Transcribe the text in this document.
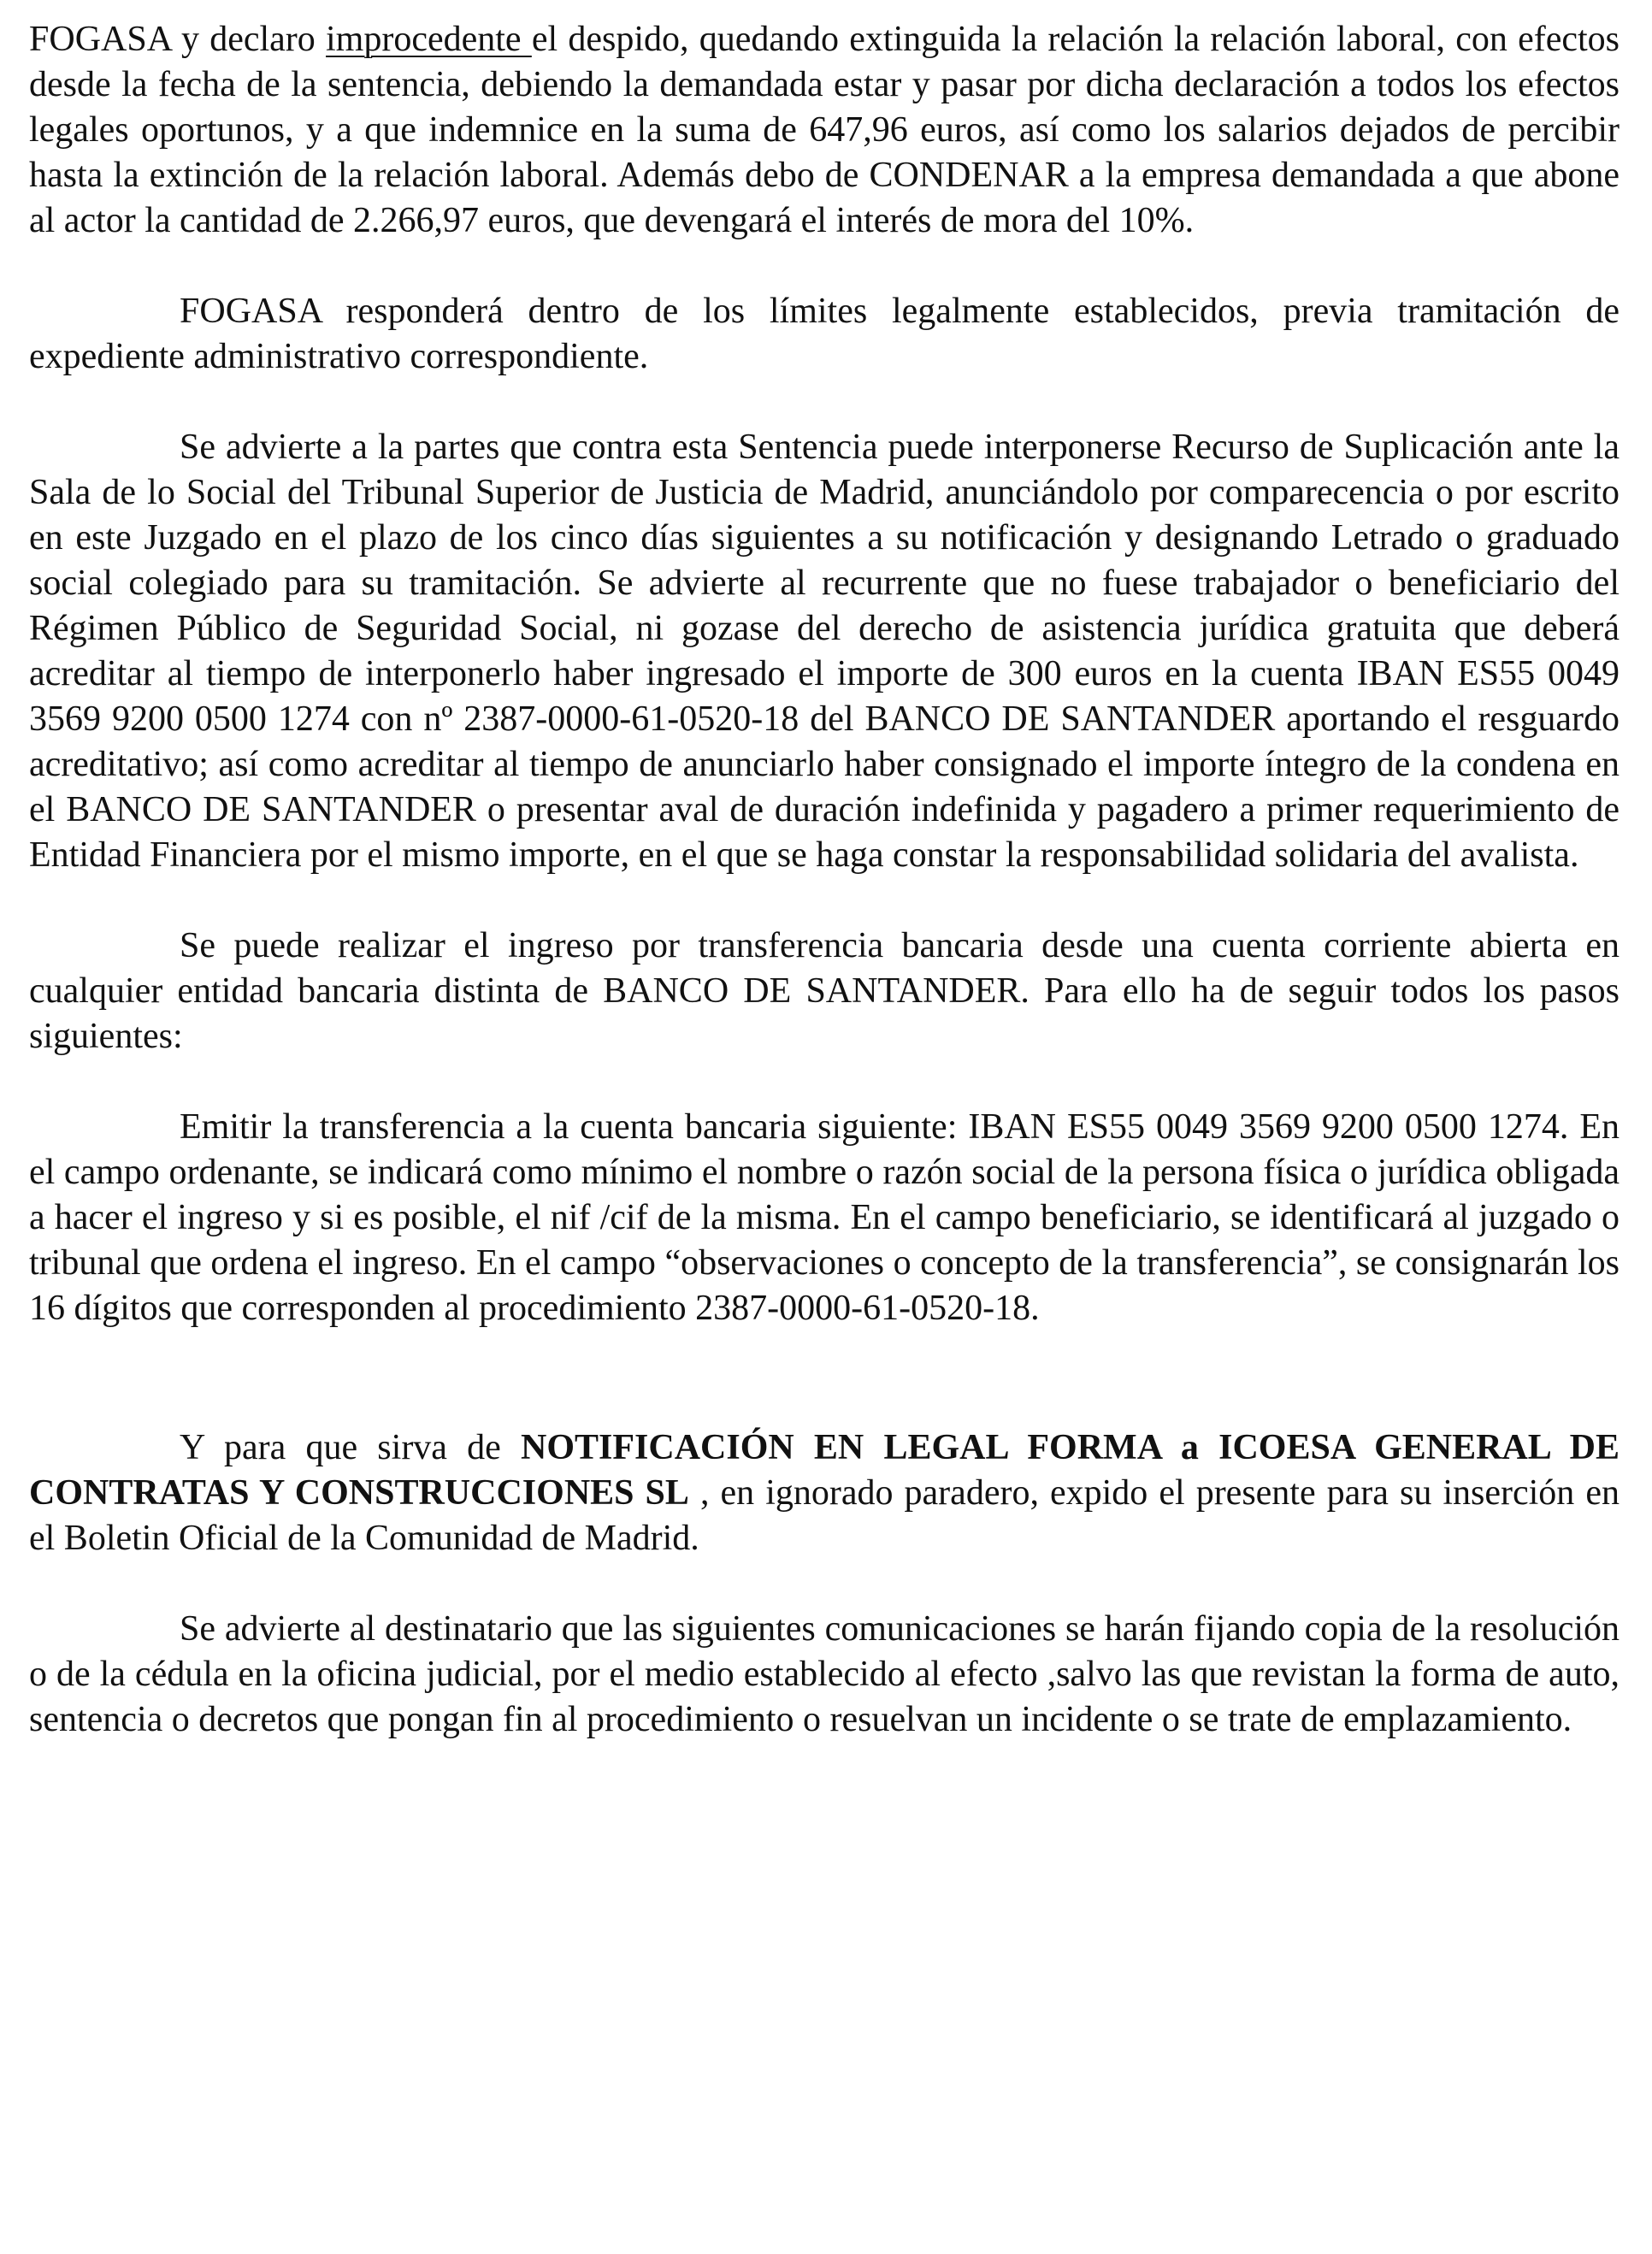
FOGASA y declaro improcedente el despido, quedando extinguida la relación la relación laboral, con efectos desde la fecha de la sentencia, debiendo la demandada estar y pasar por dicha declaración a todos los efectos legales oportunos, y a que indemnice en la suma de 647,96 euros, así como los salarios dejados de percibir hasta la extinción de la relación laboral. Además debo de CONDENAR a la empresa demandada a que abone al actor la cantidad de 2.266,97 euros, que devengará el interés de mora del 10%.

FOGASA responderá dentro de los límites legalmente establecidos, previa tramitación de expediente administrativo correspondiente.

Se advierte a la partes que contra esta Sentencia puede interponerse Recurso de Suplicación ante la Sala de lo Social del Tribunal Superior de Justicia de Madrid, anunciándolo por comparecencia o por escrito en este Juzgado en el plazo de los cinco días siguientes a su notificación y designando Letrado o graduado social colegiado para su tramitación. Se advierte al recurrente que no fuese trabajador o beneficiario del Régimen Público de Seguridad Social, ni gozase del derecho de asistencia jurídica gratuita que deberá acreditar al tiempo de interponerlo haber ingresado el importe de 300 euros en la cuenta IBAN ES55 0049 3569 9200 0500 1274 con nº 2387-0000-61-0520-18 del BANCO DE SANTANDER aportando el resguardo acreditativo; así como acreditar al tiempo de anunciarlo haber consignado el importe íntegro de la condena en el BANCO DE SANTANDER o presentar aval de duración indefinida y pagadero a primer requerimiento de Entidad Financiera por el mismo importe, en el que se haga constar la responsabilidad solidaria del avalista.

Se puede realizar el ingreso por transferencia bancaria desde una cuenta corriente abierta en cualquier entidad bancaria distinta de BANCO DE SANTANDER. Para ello ha de seguir todos los pasos siguientes:

Emitir la transferencia a la cuenta bancaria siguiente: IBAN ES55 0049 3569 9200 0500 1274. En el campo ordenante, se indicará como mínimo el nombre o razón social de la persona física o jurídica obligada a hacer el ingreso y si es posible, el nif /cif de la misma. En el campo beneficiario, se identificará al juzgado o tribunal que ordena el ingreso. En el campo “observaciones o concepto de la transferencia”, se consignarán los 16 dígitos que corresponden al procedimiento 2387-0000-61-0520-18.

Y para que sirva de NOTIFICACIÓN EN LEGAL FORMA a ICOESA GENERAL DE CONTRATAS Y CONSTRUCCIONES SL , en ignorado paradero, expido el presente para su inserción en el Boletin Oficial de la Comunidad de Madrid.

Se advierte al destinatario que las siguientes comunicaciones se harán fijando copia de la resolución o de la cédula en la oficina judicial, por el medio establecido al efecto ,salvo las que revistan la forma de auto, sentencia o decretos que pongan fin al procedimiento o resuelvan un incidente o se trate de emplazamiento.
